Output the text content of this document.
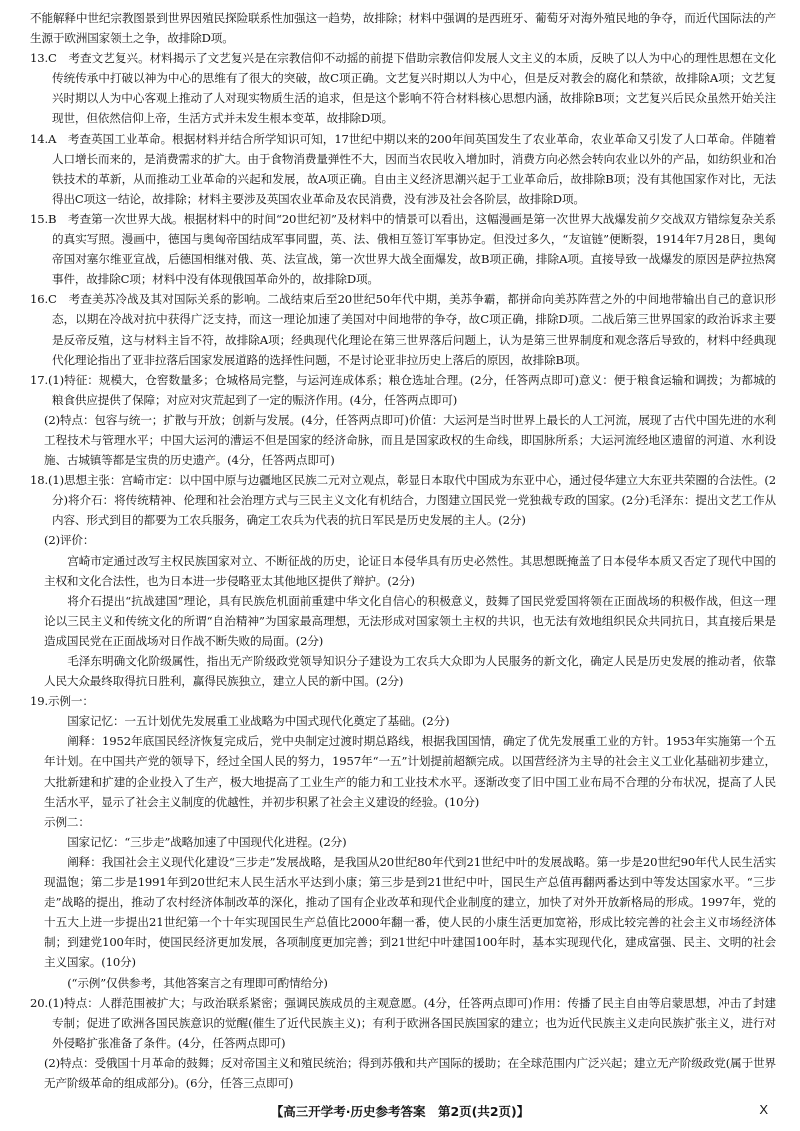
不能解释中世纪宗教图景到世界因殖民探险联系性加强这一趋势，故排除；材料中强调的是西班牙、葡萄牙对海外殖民地的争夺，而近代国际法的产生源于欧洲国家领土之争，故排除D项。

13.C　考查文艺复兴。材料揭示了文艺复兴是在宗教信仰不动摇的前提下借助宗教信仰发展人文主义的本质，反映了以人为中心的理性思想在文化传统传承中打破以神为中心的思维有了很大的突破，故C项正确。文艺复兴时期以人为中心，但是反对教会的腐化和禁欲，故排除A项；文艺复兴时期以人为中心客观上推动了人对现实物质生活的追求，但是这个影响不符合材料核心思想内涵，故排除B项；文艺复兴后民众虽然开始关注现世，但依然信仰上帝，生活方式并未发生根本变革，故排除D项。

14.A　考查英国工业革命。根据材料并结合所学知识可知，17世纪中期以来的200年间英国发生了农业革命，农业革命又引发了人口革命。伴随着人口增长而来的，是消费需求的扩大。由于食物消费量弹性不大，因而当农民收入增加时，消费方向必然会转向农业以外的产品，如纺织业和冶铁技术的革新，从而推动工业革命的兴起和发展，故A项正确。自由主义经济思潮兴起于工业革命后，故排除B项；没有其他国家作对比，无法得出C项这一结论，故排除；材料主要涉及英国农业革命及农民消费，没有涉及社会各阶层，故排除D项。

15.B　考查第一次世界大战。根据材料中的时间“20世纪初”及材料中的情景可以看出，这幅漫画是第一次世界大战爆发前夕交战双方错综复杂关系的真实写照。漫画中，德国与奥匈帝国结成军事同盟，英、法、俄相互签订军事协定。但没过多久，“友谊链”便断裂，1914年7月28日，奥匈帝国对塞尔维亚宣战，后德国相继对俄、英、法宣战，第一次世界大战全面爆发，故B项正确，排除A项。直接导致一战爆发的原因是萨拉热窝事件，故排除C项；材料中没有体现俄国革命外的，故排除D项。

16.C　考查美苏冷战及其对国际关系的影响。二战结束后至20世纪50年代中期，美苏争霸，都拼命向美苏阵营之外的中间地带输出自己的意识形态，以期在冷战对抗中获得广泛支持，而这一理论加速了美国对中间地带的争夺，故C项正确，排除D项。二战后第三世界国家的政治诉求主要是反帝反殖，这与材料主旨不符，故排除A项；经典现代化理论在第三世界落后问题上，认为是第三世界制度和观念落后导致的，材料中经典现代化理论指出了亚非拉落后国家发展道路的选择性问题，不是讨论亚非拉历史上落后的原因，故排除B项。

17.(1)特征：规模大，仓窖数量多；仓城格局完整，与运河连成体系；粮仓选址合理。(2分，任答两点即可)意义：便于粮食运输和调拨；为都城的粮食供应提供了保障；对应对灾荒起到了一定的赈济作用。(4分，任答两点即可)

(2)特点：包容与统一；扩散与开放；创新与发展。(4分，任答两点即可)价值：大运河是当时世界上最长的人工河流，展现了古代中国先进的水利工程技术与管理水平；中国大运河的漕运不但是国家的经济命脉，而且是国家政权的生命线，即国脉所系；大运河流经地区遗留的河道、水利设施、古城镇等都是宝贵的历史遗产。(4分，任答两点即可)

18.(1)思想主张：宫崎市定：以中国中原与边疆地区民族二元对立观点，彰显日本取代中国成为东亚中心，通过侵华建立大东亚共荣圈的合法性。(2分)将介石：将传统精神、伦理和社会治理方式与三民主义文化有机结合，力图建立国民党一党独裁专政的国家。(2分)毛泽东：提出文艺工作从内容、形式到目的都要为工农兵服务，确定工农兵为代表的抗日军民是历史发展的主人。(2分)

(2)评价：

宫崎市定通过改写主权民族国家对立、不断征战的历史，论证日本侵华具有历史必然性。其思想既掩盖了日本侵华本质又否定了现代中国的主权和文化合法性，也为日本进一步侵略亚太其他地区提供了辩护。(2分)

将介石提出“抗战建国”理论，具有民族危机面前重建中华文化自信心的积极意义，鼓舞了国民党爱国将领在正面战场的积极作战，但这一理论以三民主义和传统文化的所谓“自治精神”为国家最高理想，无法形成对国家领土主权的共识，也无法有效地组织民众共同抗日，其直接后果是造成国民党在正面战场对日作战不断失败的局面。(2分)

毛泽东明确文化阶级属性，指出无产阶级政党领导知识分子建设为工农兵大众即为人民服务的新文化，确定人民是历史发展的推动者，依靠人民大众最终取得抗日胜利，赢得民族独立，建立人民的新中国。(2分)

19.示例一：

国家记忆：一五计划优先发展重工业战略为中国式现代化奠定了基础。(2分)

阐释：1952年底国民经济恢复完成后，党中央制定过渡时期总路线，根据我国国情，确定了优先发展重工业的方针。1953年实施第一个五年计划。在中国共产党的领导下，经过全国人民的努力，1957年“一五”计划提前超额完成。以国营经济为主导的社会主义工业化基础初步建立，大批新建和扩建的企业投入了生产，极大地提高了工业生产的能力和工业技术水平。逐渐改变了旧中国工业布局不合理的分布状况，提高了人民生活水平，显示了社会主义制度的优越性，并初步积累了社会主义建设的经验。(10分)

示例二：

国家记忆：“三步走”战略加速了中国现代化进程。(2分)

阐释：我国社会主义现代化建设“三步走”发展战略，是我国从20世纪80年代到21世纪中叶的发展战略。第一步是20世纪90年代人民生活实现温饱；第二步是1991年到20世纪末人民生活水平达到小康；第三步是到21世纪中叶，国民生产总值再翻两番达到中等发达国家水平。“三步走”战略的提出，推动了农村经济体制改革的深化，推动了国有企业改革和现代企业制度的建立，加快了对外开放新格局的形成。1997年，党的十五大上进一步提出21世纪第一个十年实现国民生产总值比2000年翻一番，使人民的小康生活更加宽裕，形成比较完善的社会主义市场经济体制；到建党100年时，使国民经济更加发展，各项制度更加完善；到21世纪中叶建国100年时，基本实现现代化，建成富强、民主、文明的社会主义国家。(10分)

(“示例”仅供参考，其他答案言之有理即可酌情给分)

20.(1)特点：人群范围被扩大；与政治联系紧密；强调民族成员的主观意愿。(4分，任答两点即可)作用：传播了民主自由等启蒙思想，冲击了封建专制；促进了欧洲各国民族意识的觉醒(催生了近代民族主义)；有利于欧洲各国民族国家的建立；也为近代民族主义走向民族扩张主义，进行对外侵略扩张准备了条件。(4分，任答两点即可)

(2)特点：受俄国十月革命的鼓舞；反对帝国主义和殖民统治；得到苏俄和共产国际的援助；在全球范围内广泛兴起；建立无产阶级政党(属于世界无产阶级革命的组成部分)。(6分，任答三点即可)

【高三开学考·历史参考答案　第2页(共2页)】	X
